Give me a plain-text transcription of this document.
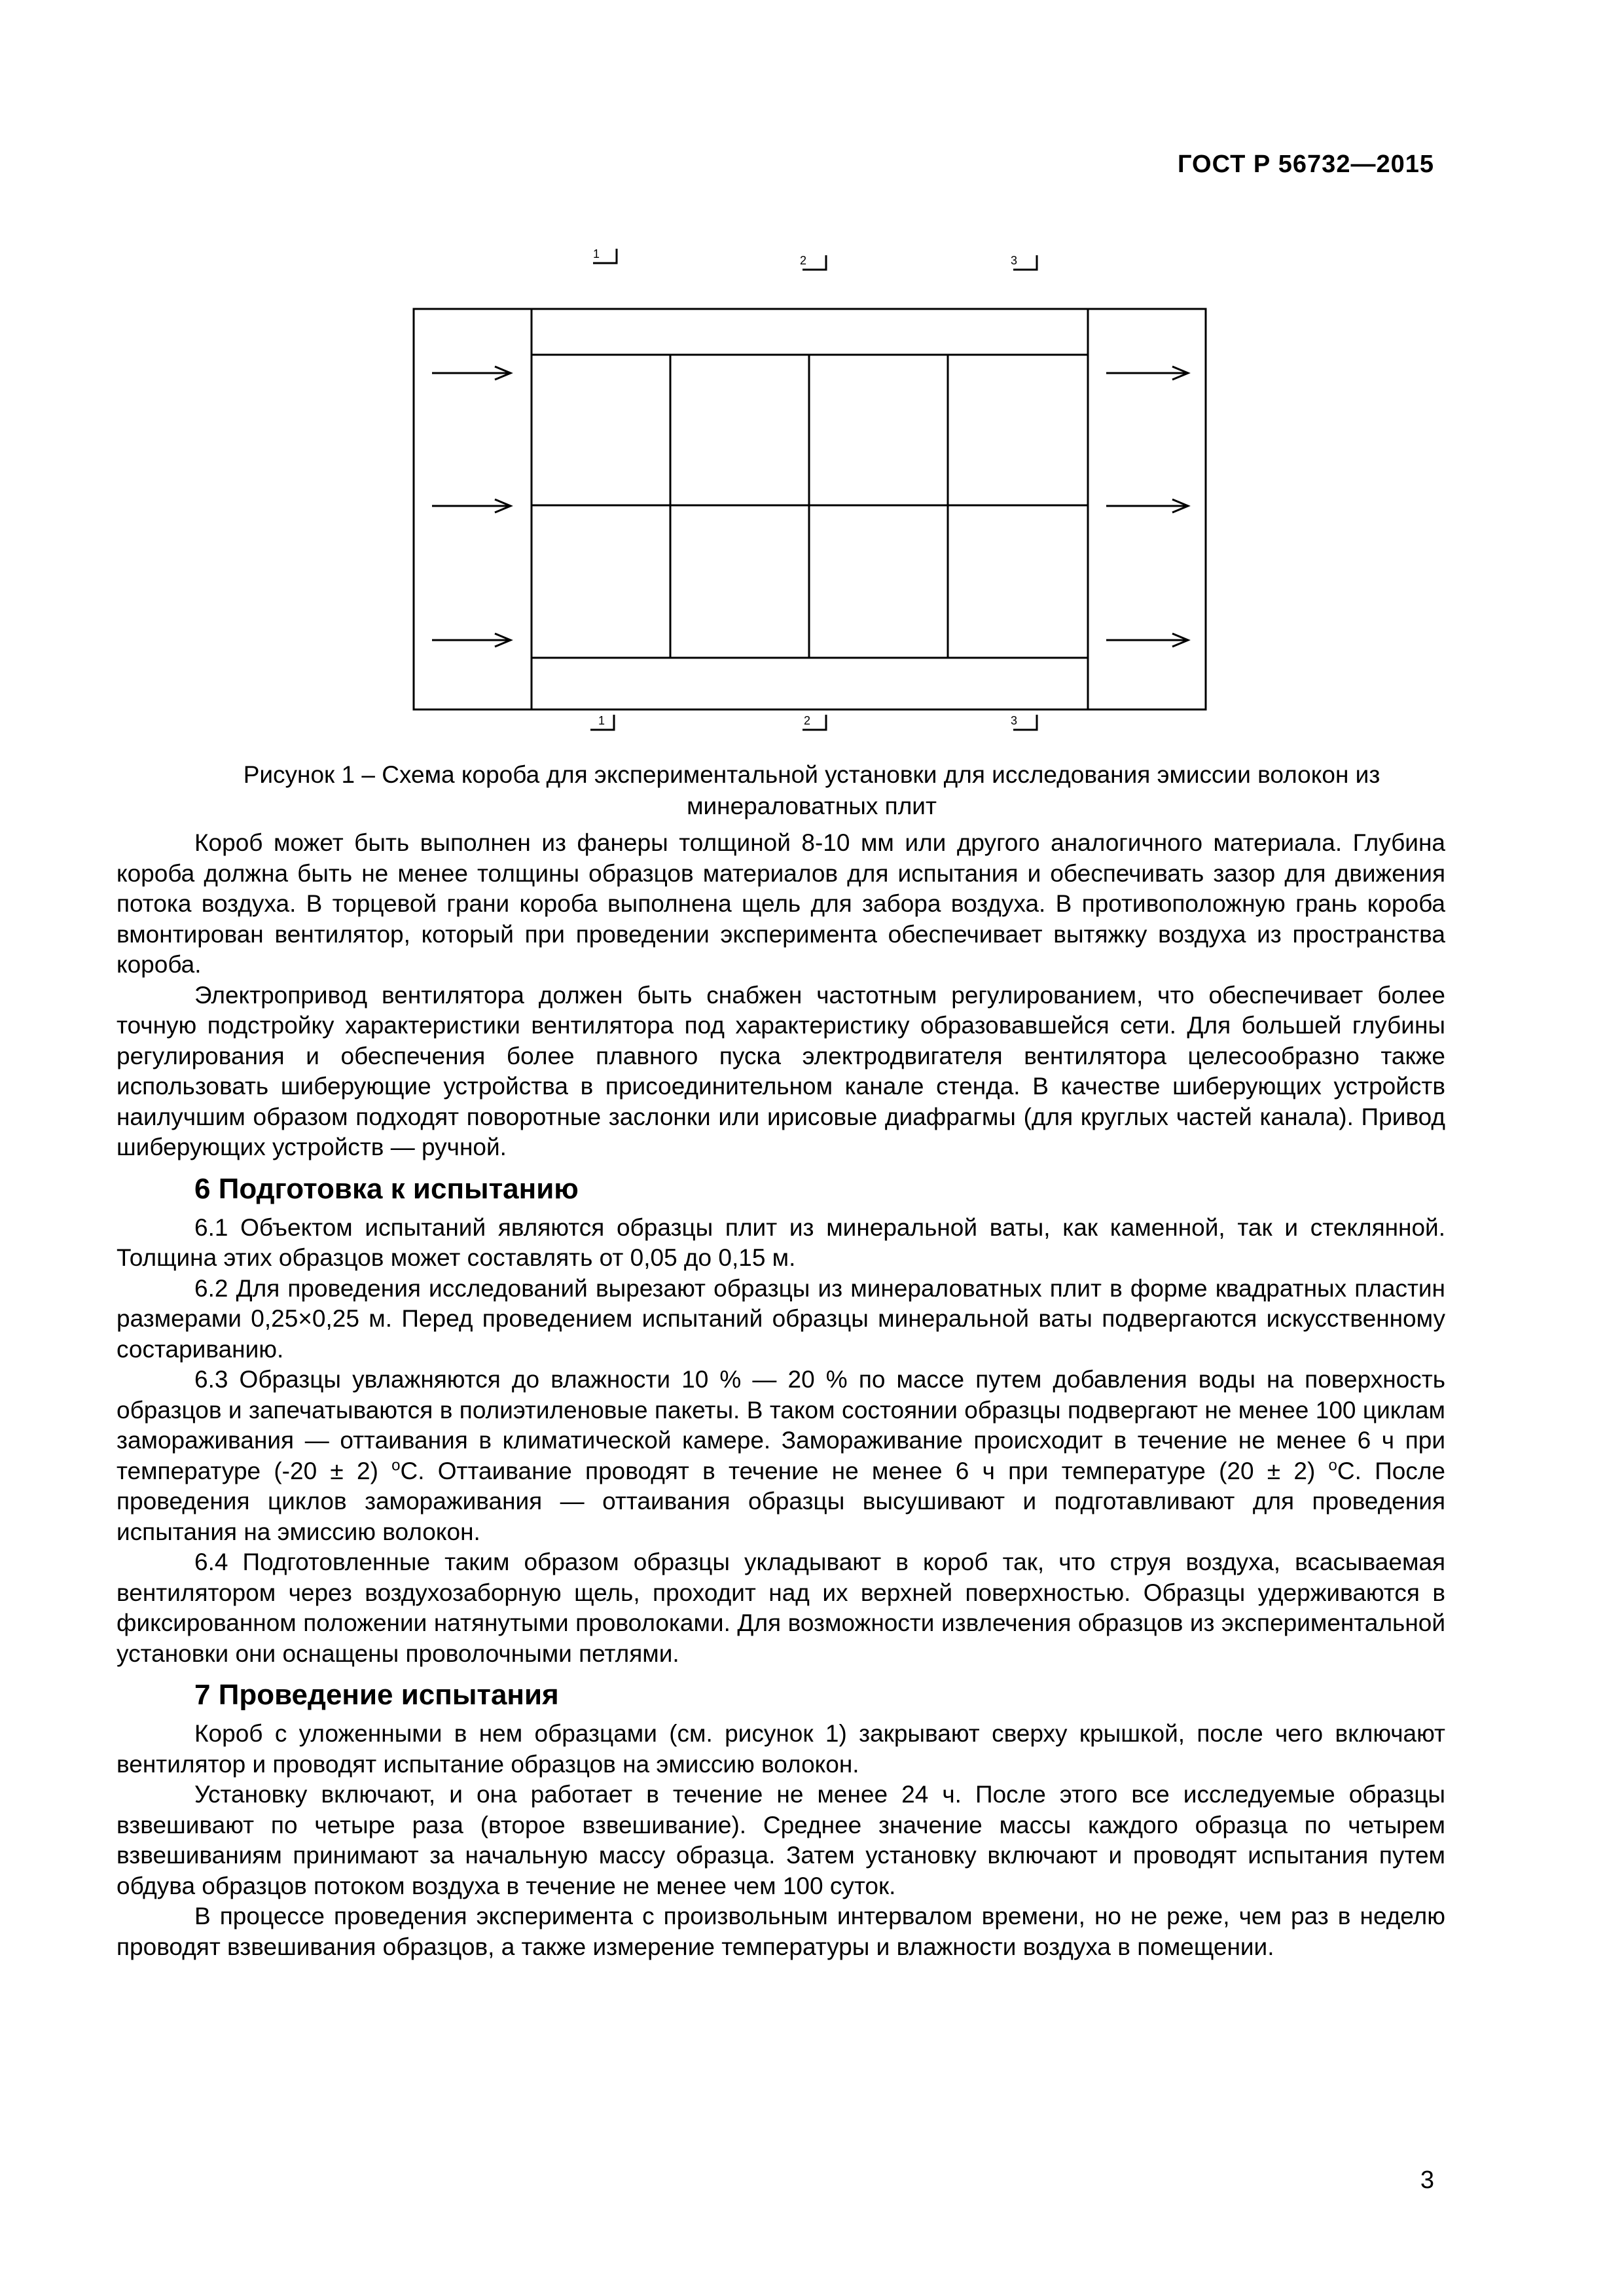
ГОСТ Р 56732—2015
1	2	3
1	2	3
Рисунок 1 – Схема короба для экспериментальной установки для исследования эмиссии волокон из минераловатных плит

Короб может быть выполнен из фанеры толщиной 8-10 мм или другого аналогичного материала. Глубина короба должна быть не менее толщины образцов материалов для испытания и обеспечивать зазор для движения потока воздуха. В торцевой грани короба выполнена щель для забора воздуха. В противоположную грань короба вмонтирован вентилятор, который при проведении эксперимента обеспечивает вытяжку воздуха из пространства короба.

Электропривод вентилятора должен быть снабжен частотным регулированием, что обеспечивает более точную подстройку характеристики вентилятора под характеристику образовавшейся сети. Для большей глубины регулирования и обеспечения более плавного пуска электродвигателя вентилятора целесообразно также использовать шиберующие устройства в присоединительном канале стенда. В качестве шиберующих устройств наилучшим образом подходят поворотные заслонки или ирисовые диафрагмы (для круглых частей канала). Привод шиберующих устройств — ручной.

6 Подготовка к испытанию

6.1 Объектом испытаний являются образцы плит из минеральной ваты, как каменной, так и стеклянной. Толщина этих образцов может составлять от 0,05 до 0,15 м.

6.2 Для проведения исследований вырезают образцы из минераловатных плит в форме квадратных пластин размерами 0,25×0,25 м. Перед проведением испытаний образцы минеральной ваты подвергаются искусственному состариванию.

6.3 Образцы увлажняются до влажности 10 % — 20 % по массе путем добавления воды на поверхность образцов и запечатываются в полиэтиленовые пакеты. В таком состоянии образцы подвергают не менее 100 циклам замораживания — оттаивания в климатической камере. Замораживание происходит в течение не менее 6 ч при температуре (-20 ± 2) $^o$С. Оттаивание проводят в течение не менее 6 ч при температуре (20 ± 2) $^o$С. После проведения циклов замораживания — оттаивания образцы высушивают и подготавливают для проведения испытания на эмиссию волокон.

6.4 Подготовленные таким образом образцы укладывают в короб так, что струя воздуха, всасываемая вентилятором через воздухозаборную щель, проходит над их верхней поверхностью. Образцы удерживаются в фиксированном положении натянутыми проволоками. Для возможности извлечения образцов из экспериментальной установки они оснащены проволочными петлями.

7 Проведение испытания

Короб с уложенными в нем образцами (см. рисунок 1) закрывают сверху крышкой, после чего включают вентилятор и проводят испытание образцов на эмиссию волокон.

Установку включают, и она работает в течение не менее 24 ч. После этого все исследуемые образцы взвешивают по четыре раза (второе взвешивание). Среднее значение массы каждого образца по четырем взвешиваниям принимают за начальную массу образца. Затем установку включают и проводят испытания путем обдува образцов потоком воздуха в течение не менее чем 100 суток.

В процессе проведения эксперимента с произвольным интервалом времени, но не реже, чем раз в неделю проводят взвешивания образцов, а также измерение температуры и влажности воздуха в помещении.

3
